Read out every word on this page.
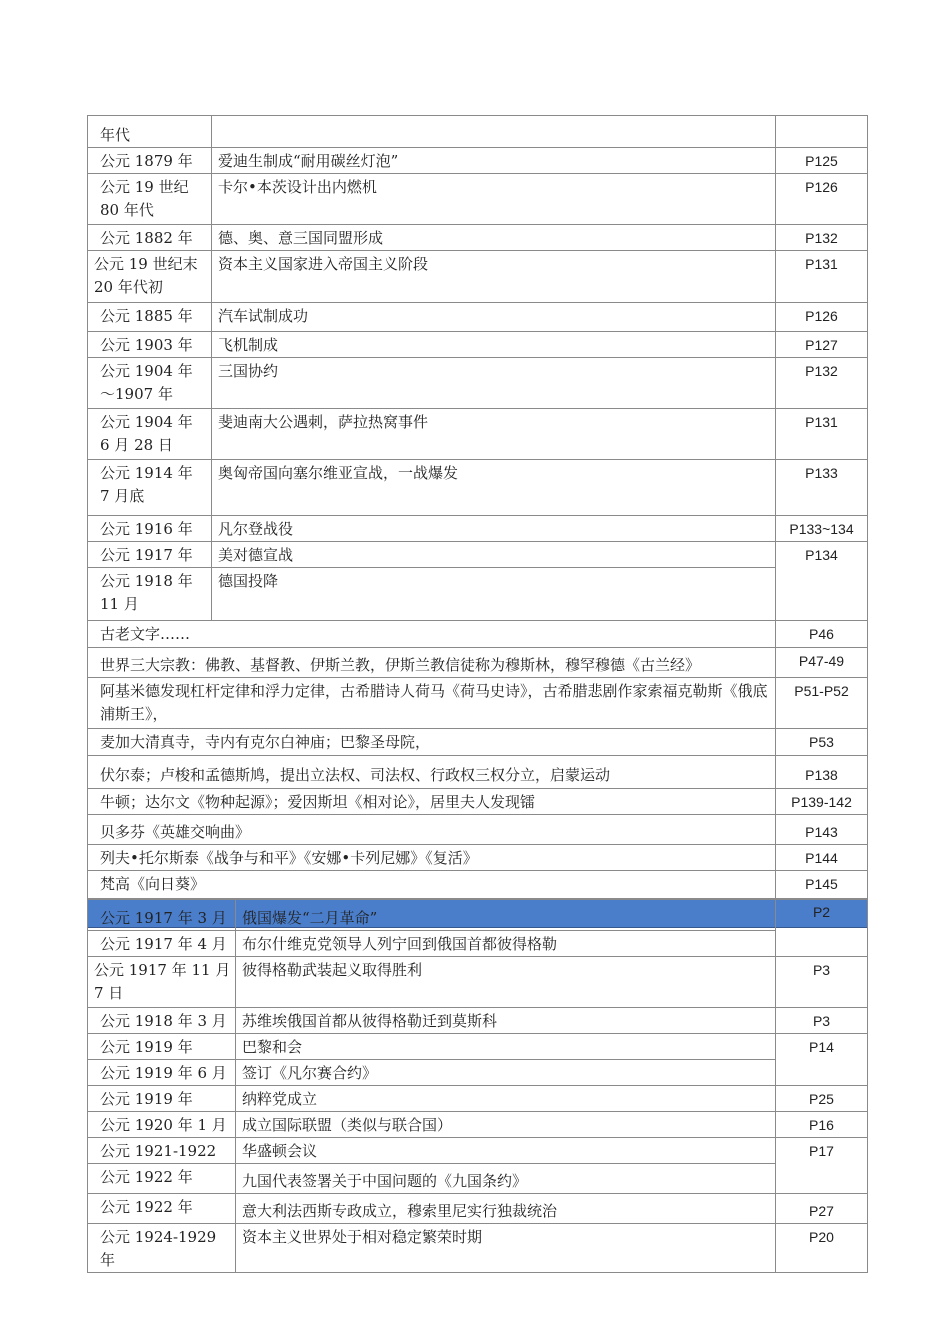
年代		
公元 1879 年	爱迪生制成“耐用碳丝灯泡”	P125
公元 19 世纪 80 年代	卡尔•本茨设计出内燃机	P126
公元 1882 年	德、奥、意三国同盟形成	P132
公元 19 世纪末 20 年代初	资本主义国家进入帝国主义阶段	P131
公元 1885 年	汽车试制成功	P126
公元 1903 年	飞机制成	P127
公元 1904 年～1907 年	三国协约	P132
公元 1904 年 6 月 28 日	斐迪南大公遇刺，萨拉热窝事件	P131
公元 1914 年 7 月底	奥匈帝国向塞尔维亚宣战，一战爆发	P133
公元 1916 年	凡尔登战役	P133~134
公元 1917 年	美对德宣战	P134
公元 1918 年 11 月	德国投降	
古老文字……		P46
世界三大宗教：佛教、基督教、伊斯兰教，伊斯兰教信徒称为穆斯林，穆罕穆德《古兰经》		P47-49
阿基米德发现杠杆定律和浮力定律，古希腊诗人荷马《荷马史诗》，古希腊悲剧作家索福克勒斯《俄底浦斯王》，		P51-P52
麦加大清真寺，寺内有克尔白神庙；巴黎圣母院，		P53
伏尔泰；卢梭和孟德斯鸠，提出立法权、司法权、行政权三权分立，启蒙运动		P138
牛顿；达尔文《物种起源》；爱因斯坦《相对论》，居里夫人发现镭		P139-142
贝多芬《英雄交响曲》		P143
列夫•托尔斯泰《战争与和平》《安娜•卡列尼娜》《复活》		P144
梵高《向日葵》		P145

公元 1917 年 3 月	俄国爆发“二月革命”	P2
公元 1917 年 4 月	布尔什维克党领导人列宁回到俄国首都彼得格勒	
公元 1917 年 11 月 7 日	彼得格勒武装起义取得胜利	P3
公元 1918 年 3 月	苏维埃俄国首都从彼得格勒迁到莫斯科	P3
公元 1919 年	巴黎和会	P14
公元 1919 年 6 月	签订《凡尔赛合约》	
公元 1919 年	纳粹党成立	P25
公元 1920 年 1 月	成立国际联盟（类似与联合国）	P16
公元 1921-1922	华盛顿会议	P17
公元 1922 年	九国代表签署关于中国问题的《九国条约》	
公元 1922 年	意大利法西斯专政成立，穆索里尼实行独裁统治	P27
公元 1924-1929 年	资本主义世界处于相对稳定繁荣时期	P20
